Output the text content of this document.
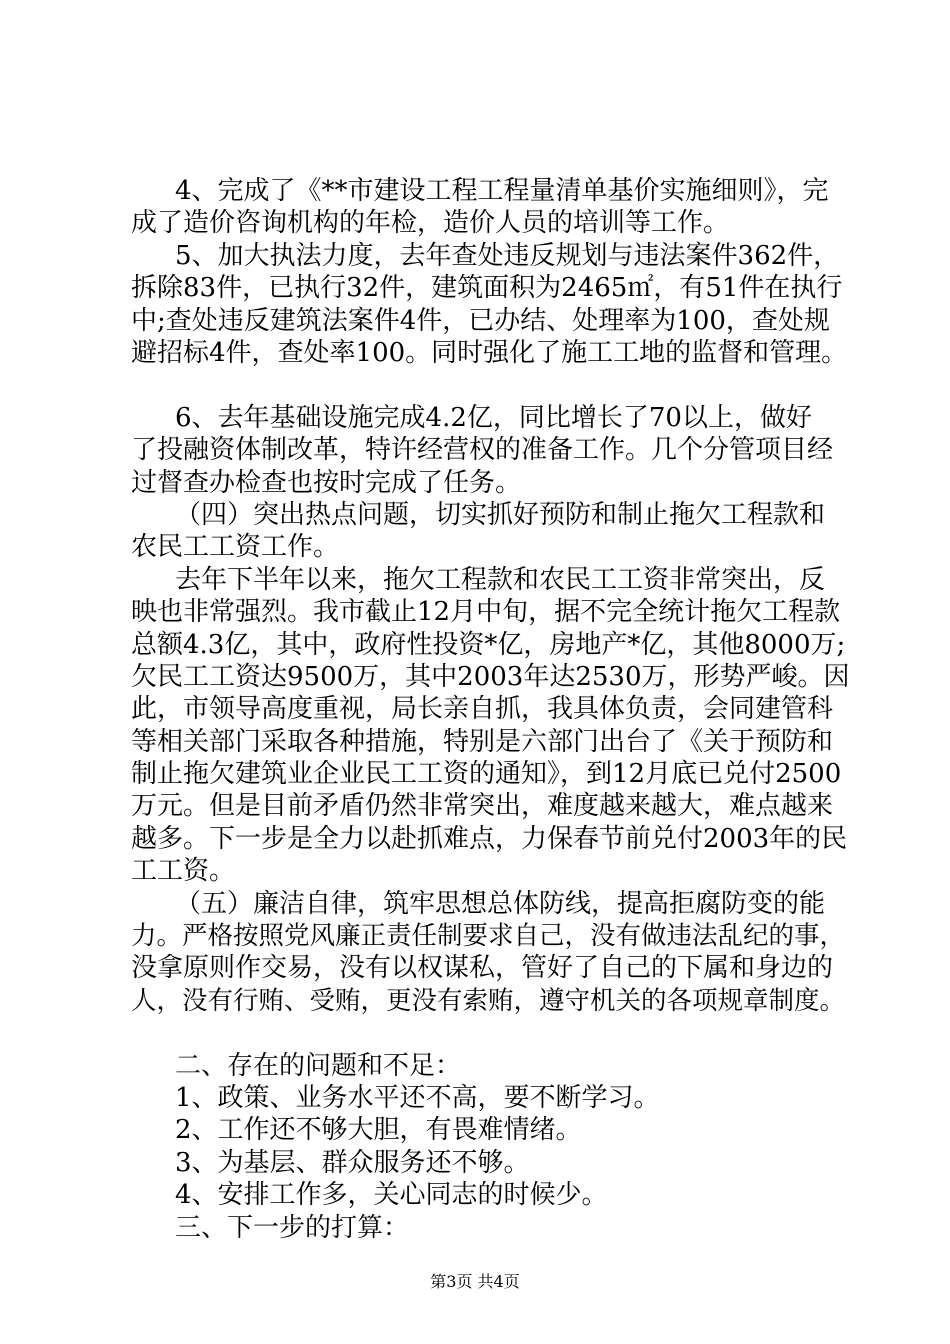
4、完成了《**市建设工程工程量清单基价实施细则》，完

成了造价咨询机构的年检，造价人员的培训等工作。

5、加大执法力度，去年查处违反规划与违法案件362件，

拆除83件，已执行32件，建筑面积为2465㎡，有51件在执行

中;查处违反建筑法案件4件，已办结、处理率为100，查处规

避招标4件，查处率100。同时强化了施工工地的监督和管理。

6、去年基础设施完成4.2亿，同比增长了70以上，做好

了投融资体制改革，特许经营权的准备工作。几个分管项目经

过督查办检查也按时完成了任务。

（四）突出热点问题，切实抓好预防和制止拖欠工程款和

农民工工资工作。

去年下半年以来，拖欠工程款和农民工工资非常突出，反

映也非常强烈。我市截止12月中旬，据不完全统计拖欠工程款

总额4.3亿，其中，政府性投资*亿，房地产*亿，其他8000万;

欠民工工资达9500万，其中2003年达2530万，形势严峻。因

此，市领导高度重视，局长亲自抓，我具体负责，会同建管科

等相关部门采取各种措施，特别是六部门出台了《关于预防和

制止拖欠建筑业企业民工工资的通知》，到12月底已兑付2500

万元。但是目前矛盾仍然非常突出，难度越来越大，难点越来

越多。下一步是全力以赴抓难点，力保春节前兑付2003年的民

工工资。

（五）廉洁自律，筑牢思想总体防线，提高拒腐防变的能

力。严格按照党风廉正责任制要求自己，没有做违法乱纪的事，

没拿原则作交易，没有以权谋私，管好了自己的下属和身边的

人，没有行贿、受贿，更没有索贿，遵守机关的各项规章制度。

二、存在的问题和不足：

1、政策、业务水平还不高，要不断学习。

2、工作还不够大胆，有畏难情绪。

3、为基层、群众服务还不够。

4、安排工作多，关心同志的时候少。

三、下一步的打算：

第3页 共4页
